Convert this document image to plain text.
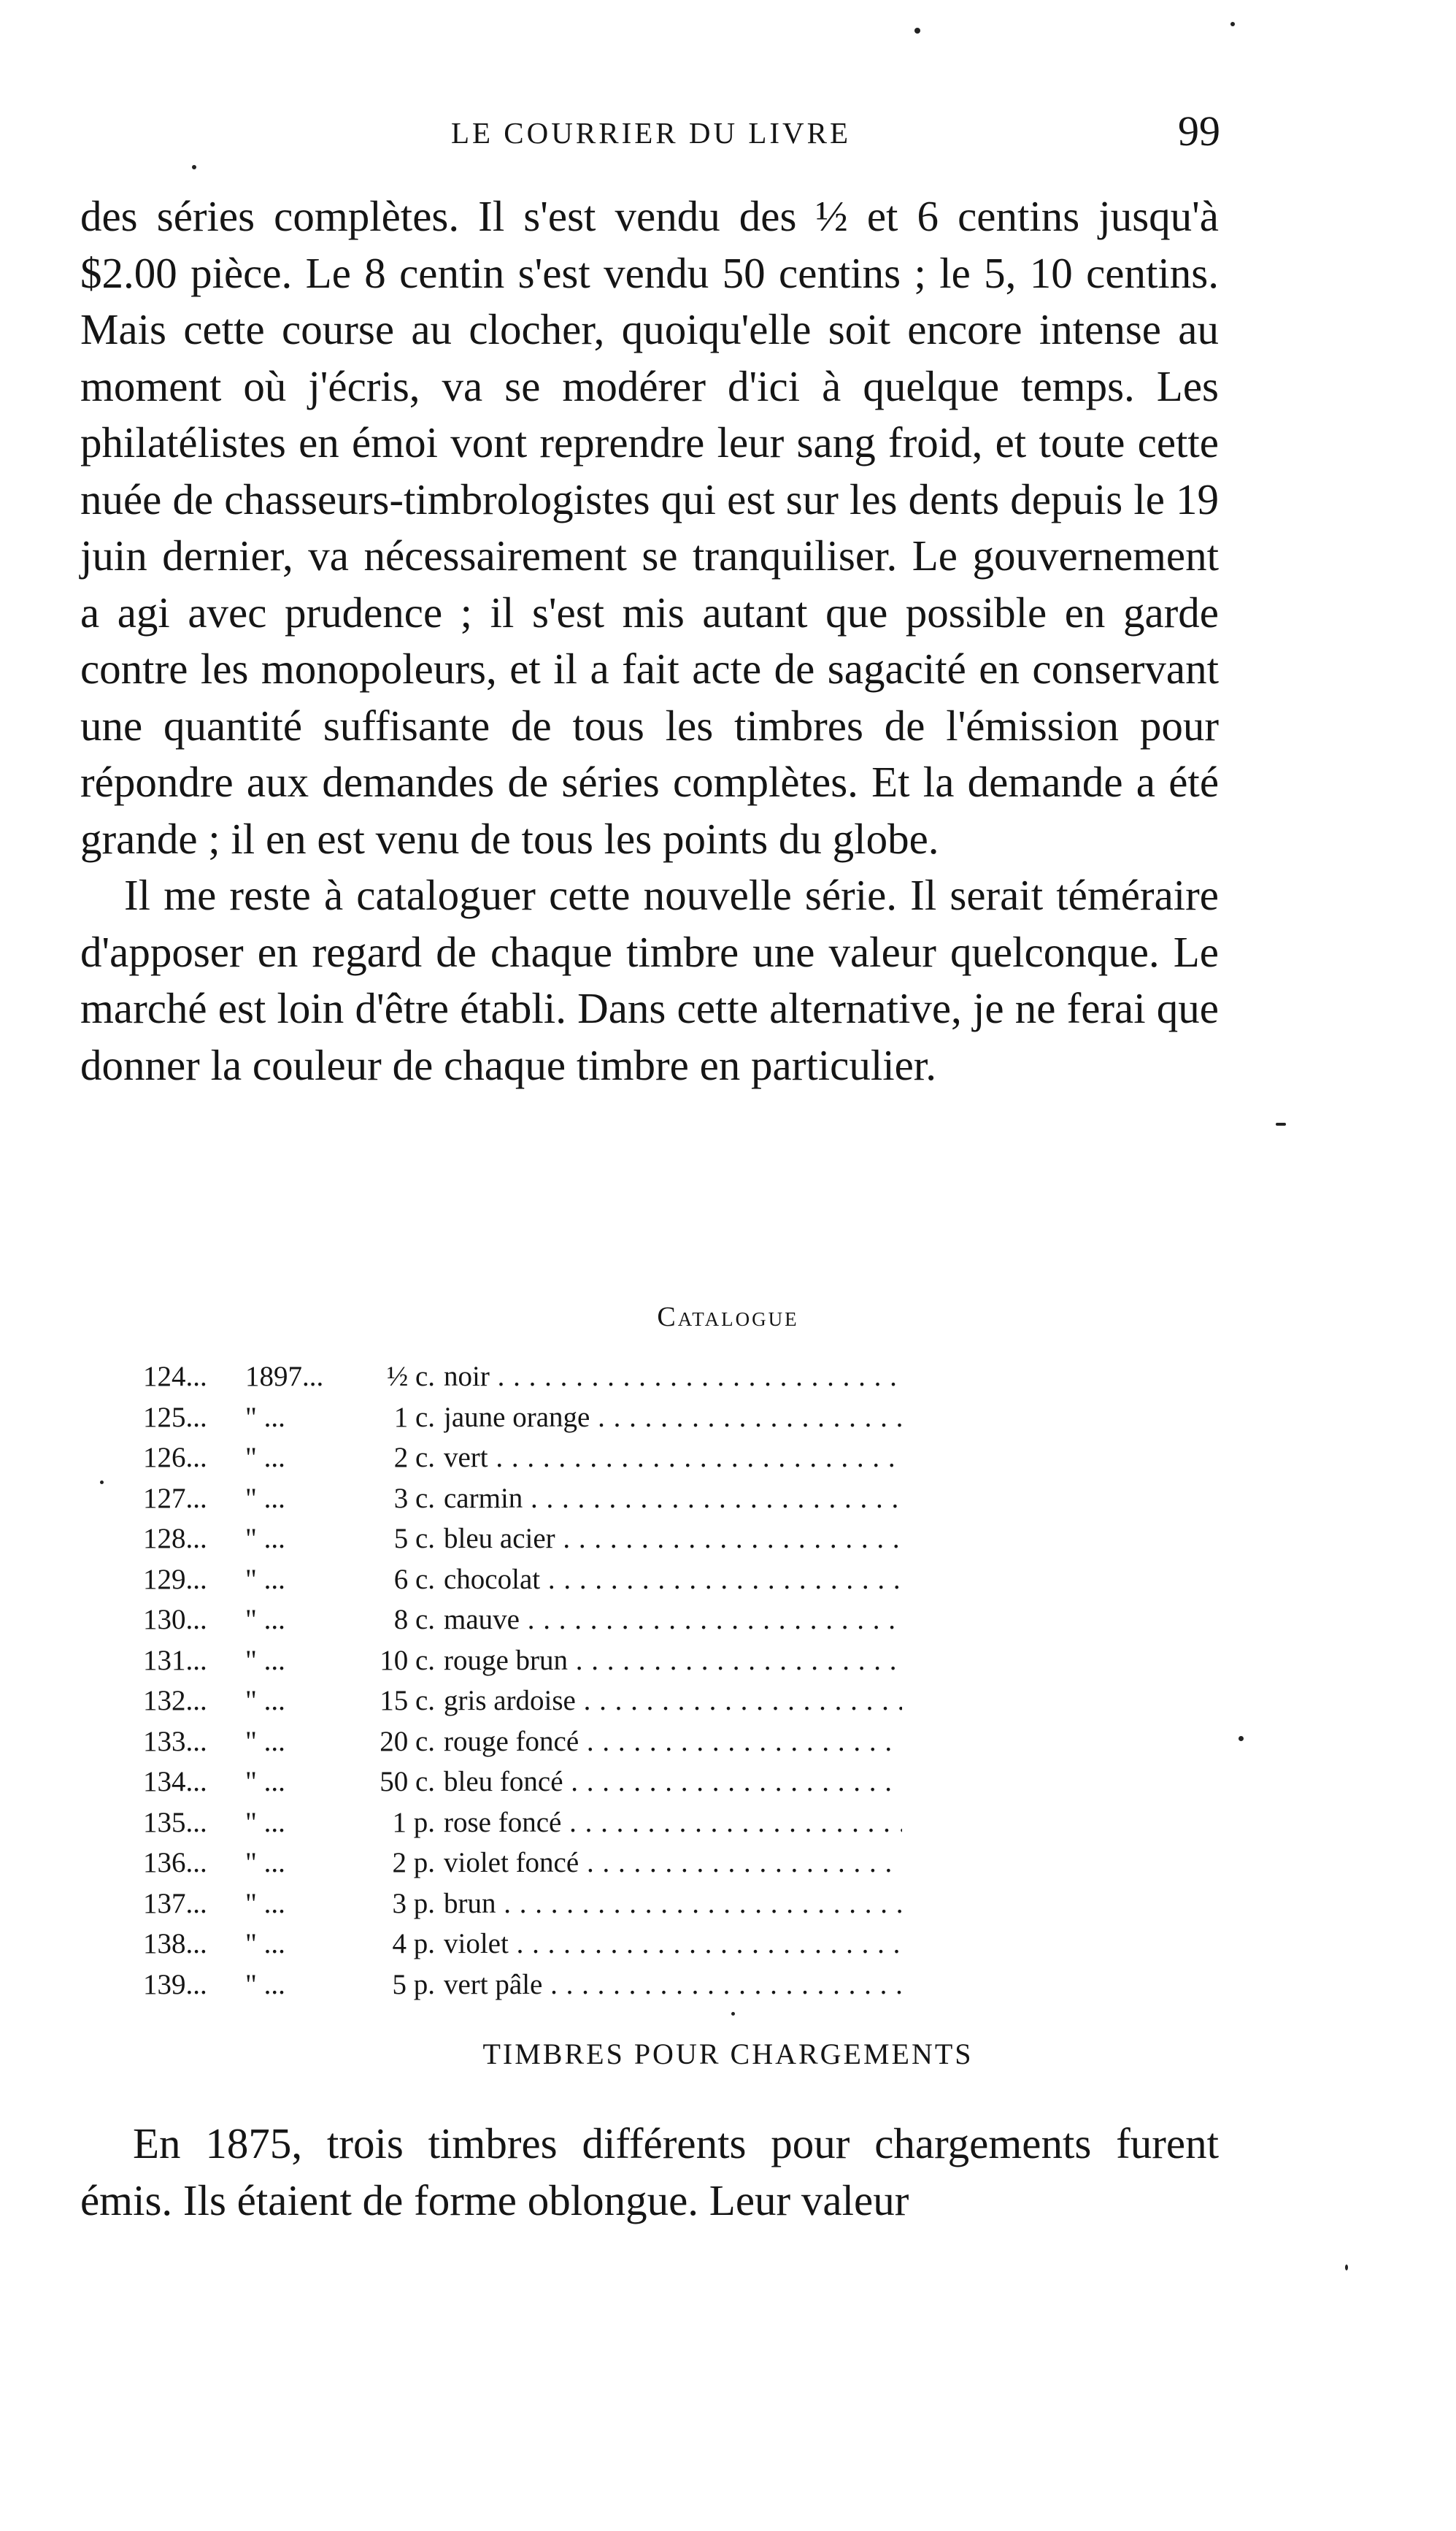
LE COURRIER DU LIVRE	99

des séries complètes. Il s'est vendu des ½ et 6 centins jusqu'à $2.00 pièce. Le 8 centin s'est vendu 50 centins ; le 5, 10 centins. Mais cette course au clocher, quoiqu'elle soit encore intense au moment où j'écris, va se modérer d'ici à quelque temps. Les philatélistes en émoi vont reprendre leur sang froid, et toute cette nuée de chasseurs-timbrologistes qui est sur les dents depuis le 19 juin dernier, va nécessairement se tranquiliser. Le gouvernement a agi avec prudence ; il s'est mis autant que possible en garde contre les monopoleurs, et il a fait acte de sagacité en conservant une quantité suffisante de tous les timbres de l'émission pour répondre aux demandes de séries complètes. Et la demande a été grande ; il en est venu de tous les points du globe.

Il me reste à cataloguer cette nouvelle série. Il serait téméraire d'apposer en regard de chaque timbre une valeur quelconque. Le marché est loin d'être établi. Dans cette alternative, je ne ferai que donner la couleur de chaque timbre en particulier.

Catalogue
124...	1897...	½ c. noir . . .
125...	" ...	1 c. jaune orange . . .
126...	" ...	2 c. vert . . .
127...	" ...	3 c. carmin . . .
128...	" ...	5 c. bleu acier . . .
129...	" ...	6 c. chocolat . . .
130...	" ...	8 c. mauve . . .
131...	" ...	10 c. rouge brun . . .
132...	" ...	15 c. gris ardoise . . .
133...	" ...	20 c. rouge foncé . . .
134...	" ...	50 c. bleu foncé . . .
135...	" ...	1 p. rose foncé . . .
136...	" ...	2 p. violet foncé . . .
137...	" ...	3 p. brun . . .
138...	" ...	4 p. violet . . .
139...	" ...	5 p. vert pâle . . .
TIMBRES POUR CHARGEMENTS

En 1875, trois timbres différents pour chargements furent émis. Ils étaient de forme oblongue. Leur valeur
